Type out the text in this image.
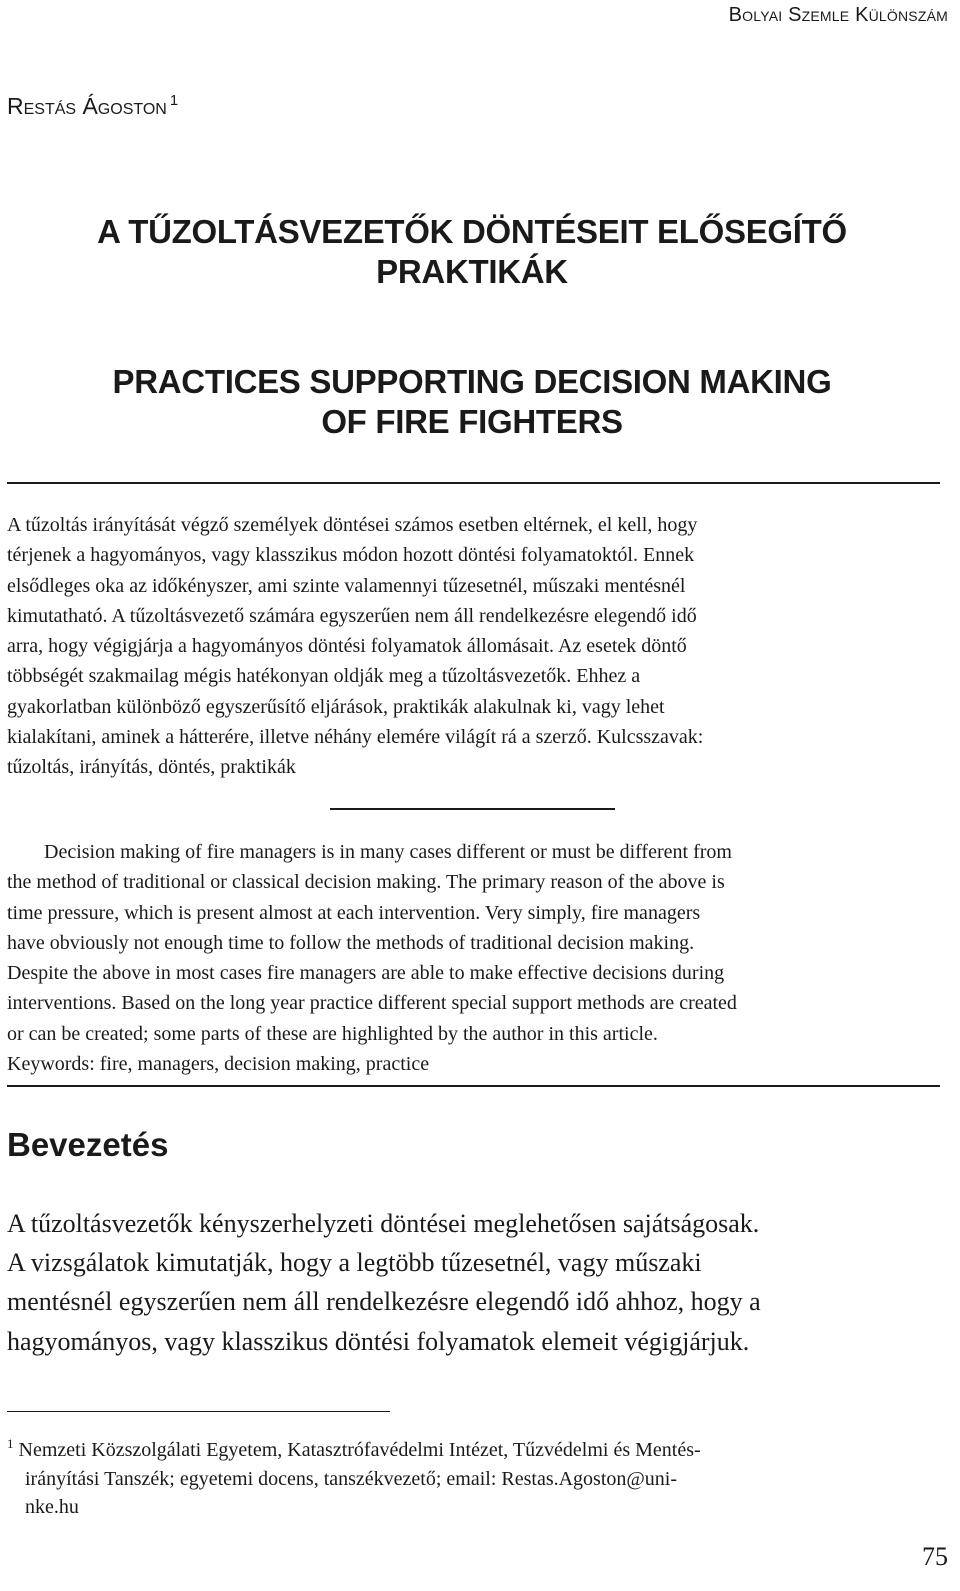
Bolyai Szemle Különszám
Restás Ágoston $^1$
A TŰZOLTÁSVEZETŐK DÖNTÉSEIT ELŐSEGÍTŐ
PRAKTIKÁK
PRACTICES SUPPORTING DECISION MAKING
OF FIRE FIGHTERS
A tűzoltás irányítását végző személyek döntései számos esetben eltérnek, el kell, hogy
térjenek a hagyományos, vagy klasszikus módon hozott döntési folyamatoktól. Ennek
elsődleges oka az időkényszer, ami szinte valamennyi tűzesetnél, műszaki mentésnél
kimutatható. A tűzoltásvezető számára egyszerűen nem áll rendelkezésre elegendő idő
arra, hogy végigjárja a hagyományos döntési folyamatok állomásait. Az esetek döntő
többségét szakmailag mégis hatékonyan oldják meg a tűzoltásvezetők. Ehhez a
gyakorlatban különböző egyszerűsítő eljárások, praktikák alakulnak ki, vagy lehet
kialakítani, aminek a hátterére, illetve néhány elemére világít rá a szerző. Kulcsszavak:
tűzoltás, irányítás, döntés, praktikák
Decision making of fire managers is in many cases different or must be different from
the method of traditional or classical decision making. The primary reason of the above is
time pressure, which is present almost at each intervention. Very simply, fire managers
have obviously not enough time to follow the methods of traditional decision making.
Despite the above in most cases fire managers are able to make effective decisions during
interventions. Based on the long year practice different special support methods are created
or can be created; some parts of these are highlighted by the author in this article.
Keywords: fire, managers, decision making, practice
Bevezetés
A tűzoltásvezetők kényszerhelyzeti döntései meglehetősen sajátságosak.
A vizsgálatok kimutatják, hogy a legtöbb tűzesetnél, vagy műszaki
mentésnél egyszerűen nem áll rendelkezésre elegendő idő ahhoz, hogy a
hagyományos, vagy klasszikus döntési folyamatok elemeit végigjárjuk.
$^1$ Nemzeti Közszolgálati Egyetem, Katasztrófavédelmi Intézet, Tűzvédelmi és Mentés-
irányítási Tanszék; egyetemi docens, tanszékvezető; email: Restas.Agoston@uni-
nke.hu
75
